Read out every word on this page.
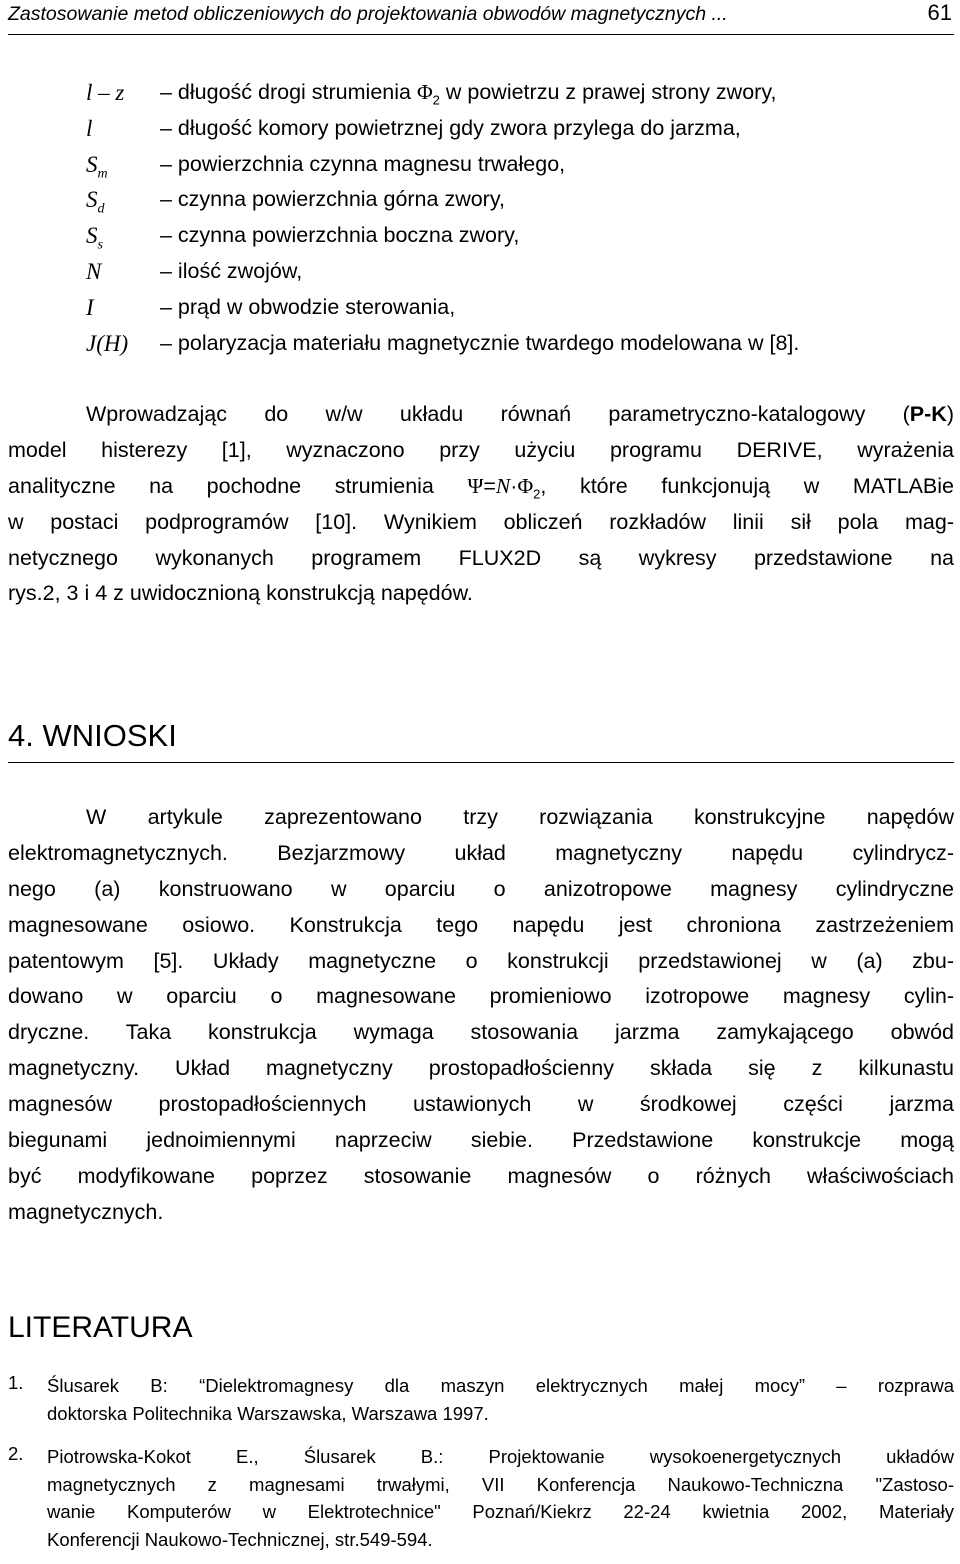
Zastosowanie metod obliczeniowych do projektowania obwodów magnetycznych ...	61
l – z – długość drogi strumienia $\Phi_2$ w powietrzu z prawej strony zwory,
l	– długość komory powietrznej gdy zwora przylega do jarzma,
$S_m$ – powierzchnia czynna magnesu trwałego,
$S_d$	– czynna powierzchnia górna zwory,
$S_s$	– czynna powierzchnia boczna zwory,
N	– ilość zwojów,
I	– prąd w obwodzie sterowania,
J(H) – polaryzacja materiału magnetycznie twardego modelowana w [8].
Wprowadzając do w/w układu równań parametryczno-katalogowy (P-K)
model histerezy [1], wyznaczono przy użyciu programu DERIVE, wyrażenia
analityczne na pochodne strumienia $\Psi=N\cdot\Phi_2$, które funkcjonują w MATLABie
w postaci podprogramów [10]. Wynikiem obliczeń rozkładów linii sił pola mag-
netycznego wykonanych programem FLUX2D są wykresy przedstawione na
rys.2, 3 i 4 z uwidocznioną konstrukcją napędów.
4. WNIOSKI
W artykule zaprezentowano trzy rozwiązania konstrukcyjne napędów
elektromagnetycznych. Bezjarzmowy układ magnetyczny napędu cylindrycz-
nego (a) konstruowano w oparciu o anizotropowe magnesy cylindryczne
magnesowane osiowo. Konstrukcja tego napędu jest chroniona zastrzeżeniem
patentowym [5]. Układy magnetyczne o konstrukcji przedstawionej w (a) zbu-
dowano w oparciu o magnesowane promieniowo izotropowe magnesy cylin-
dryczne. Taka konstrukcja wymaga stosowania jarzma zamykającego obwód
magnetyczny. Układ magnetyczny prostopadłościenny składa się z kilkunastu
magnesów prostopadłościennych ustawionych w środkowej części jarzma
biegunami jednoimiennymi naprzeciw siebie. Przedstawione konstrukcje mogą
być modyfikowane poprzez stosowanie magnesów o różnych właściwościach
magnetycznych.
LITERATURA
1. Ślusarek B: “Dielektromagnesy dla maszyn elektrycznych małej mocy” – rozprawa
doktorska Politechnika Warszawska, Warszawa 1997.
2. Piotrowska-Kokot E., Ślusarek B.: Projektowanie wysokoenergetycznych układów
magnetycznych z magnesami trwałymi, VII Konferencja Naukowo-Techniczna "Zastoso-
wanie Komputerów w Elektrotechnice" Poznań/Kiekrz 22-24 kwietnia 2002, Materiały
Konferencji Naukowo-Technicznej, str.549-594.
